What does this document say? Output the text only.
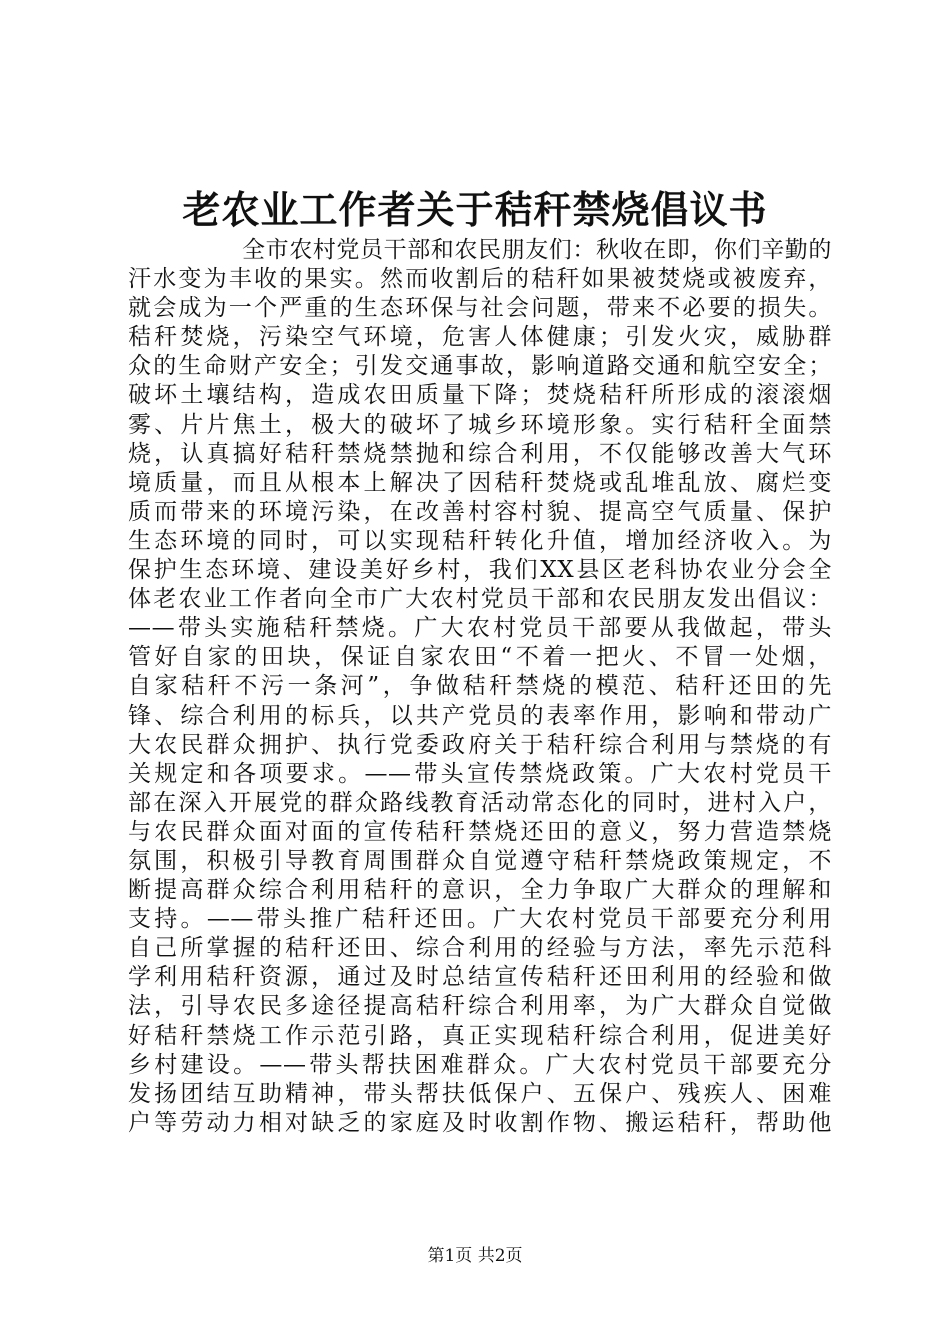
老农业工作者关于秸秆禁烧倡议书
全市农村党员干部和农民朋友们：秋收在即，你们辛勤的
汗水变为丰收的果实。然而收割后的秸秆如果被焚烧或被废弃，
就会成为一个严重的生态环保与社会问题，带来不必要的损失。
秸秆焚烧，污染空气环境，危害人体健康；引发火灾，威胁群
众的生命财产安全；引发交通事故，影响道路交通和航空安全；
破坏土壤结构，造成农田质量下降；焚烧秸秆所形成的滚滚烟
雾、片片焦土，极大的破坏了城乡环境形象。实行秸秆全面禁
烧，认真搞好秸秆禁烧禁抛和综合利用，不仅能够改善大气环
境质量，而且从根本上解决了因秸秆焚烧或乱堆乱放、腐烂变
质而带来的环境污染，在改善村容村貌、提高空气质量、保护
生态环境的同时，可以实现秸秆转化升值，增加经济收入。为
保护生态环境、建设美好乡村，我们XX县区老科协农业分会全
体老农业工作者向全市广大农村党员干部和农民朋友发出倡议：
——带头实施秸秆禁烧。广大农村党员干部要从我做起，带头
管好自家的田块，保证自家农田“不着一把火、不冒一处烟，
自家秸秆不污一条河”，争做秸秆禁烧的模范、秸秆还田的先
锋、综合利用的标兵，以共产党员的表率作用，影响和带动广
大农民群众拥护、执行党委政府关于秸秆综合利用与禁烧的有
关规定和各项要求。——带头宣传禁烧政策。广大农村党员干
部在深入开展党的群众路线教育活动常态化的同时，进村入户，
与农民群众面对面的宣传秸秆禁烧还田的意义，努力营造禁烧
氛围，积极引导教育周围群众自觉遵守秸秆禁烧政策规定，不
断提高群众综合利用秸秆的意识，全力争取广大群众的理解和
支持。——带头推广秸秆还田。广大农村党员干部要充分利用
自己所掌握的秸秆还田、综合利用的经验与方法，率先示范科
学利用秸秆资源，通过及时总结宣传秸秆还田利用的经验和做
法，引导农民多途径提高秸秆综合利用率，为广大群众自觉做
好秸秆禁烧工作示范引路，真正实现秸秆综合利用，促进美好
乡村建设。——带头帮扶困难群众。广大农村党员干部要充分
发扬团结互助精神，带头帮扶低保户、五保户、残疾人、困难
户等劳动力相对缺乏的家庭及时收割作物、搬运秸秆，帮助他
第1页 共2页
